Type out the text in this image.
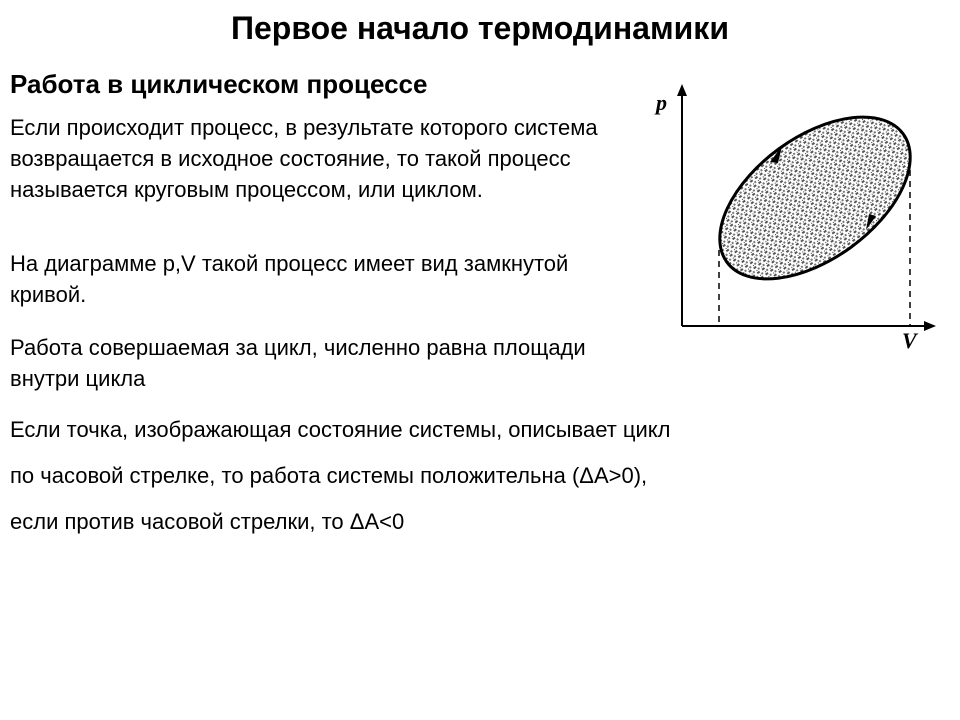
Первое начало термодинамики
Работа в циклическом процессе

Если происходит процесс, в результате которого система возвращается в исходное состояние, то такой процесс называется круговым процессом, или циклом.

На диаграмме p,V такой процесс имеет вид замкнутой кривой.

Работа совершаемая за цикл, численно равна площади внутри цикла

Если точка, изображающая состояние системы, описывает цикл

по часовой стрелке, то работа системы положительна (ΔA>0),

если против часовой стрелки, то ΔA<0

p
V
